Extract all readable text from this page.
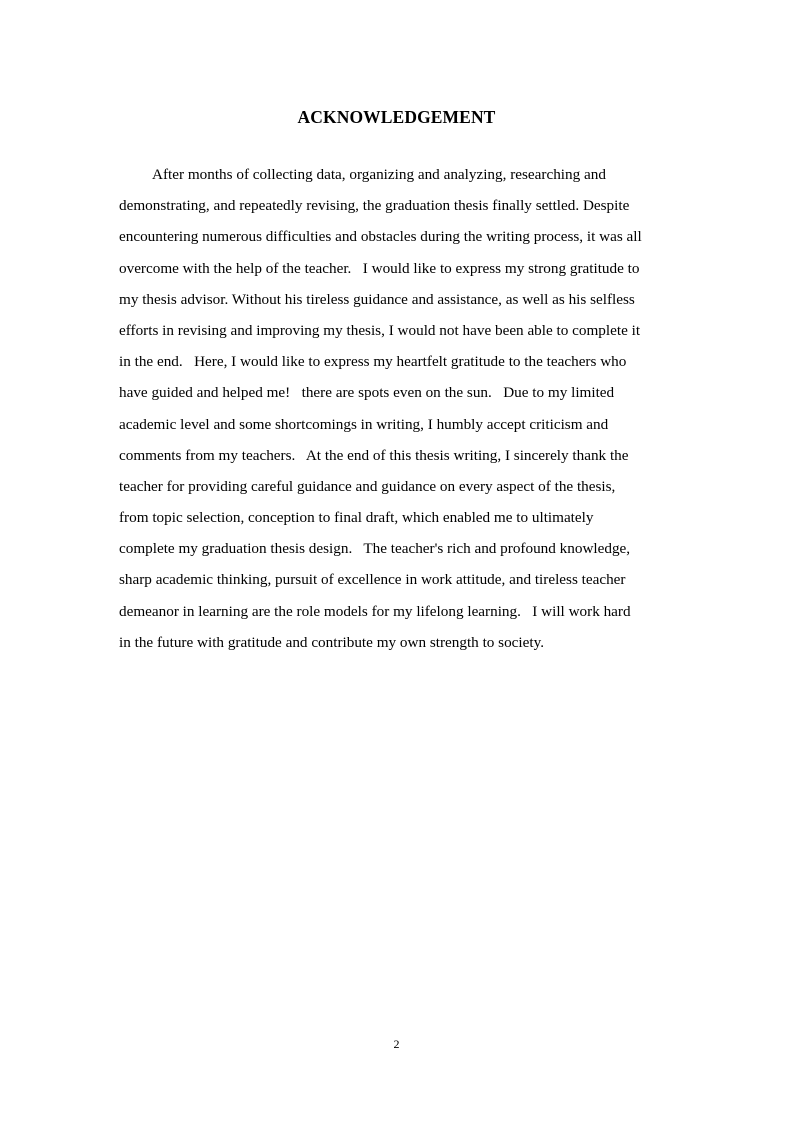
ACKNOWLEDGEMENT
After months of collecting data, organizing and analyzing, researching and
demonstrating, and repeatedly revising, the graduation thesis finally settled. Despite
encountering numerous difficulties and obstacles during the writing process, it was all
overcome with the help of the teacher.   I would like to express my strong gratitude to
my thesis advisor. Without his tireless guidance and assistance, as well as his selfless
efforts in revising and improving my thesis, I would not have been able to complete it
in the end.   Here, I would like to express my heartfelt gratitude to the teachers who
have guided and helped me!   there are spots even on the sun.   Due to my limited
academic level and some shortcomings in writing, I humbly accept criticism and
comments from my teachers.   At the end of this thesis writing, I sincerely thank the
teacher for providing careful guidance and guidance on every aspect of the thesis,
from topic selection, conception to final draft, which enabled me to ultimately
complete my graduation thesis design.   The teacher's rich and profound knowledge,
sharp academic thinking, pursuit of excellence in work attitude, and tireless teacher
demeanor in learning are the role models for my lifelong learning.   I will work hard
in the future with gratitude and contribute my own strength to society.
2
